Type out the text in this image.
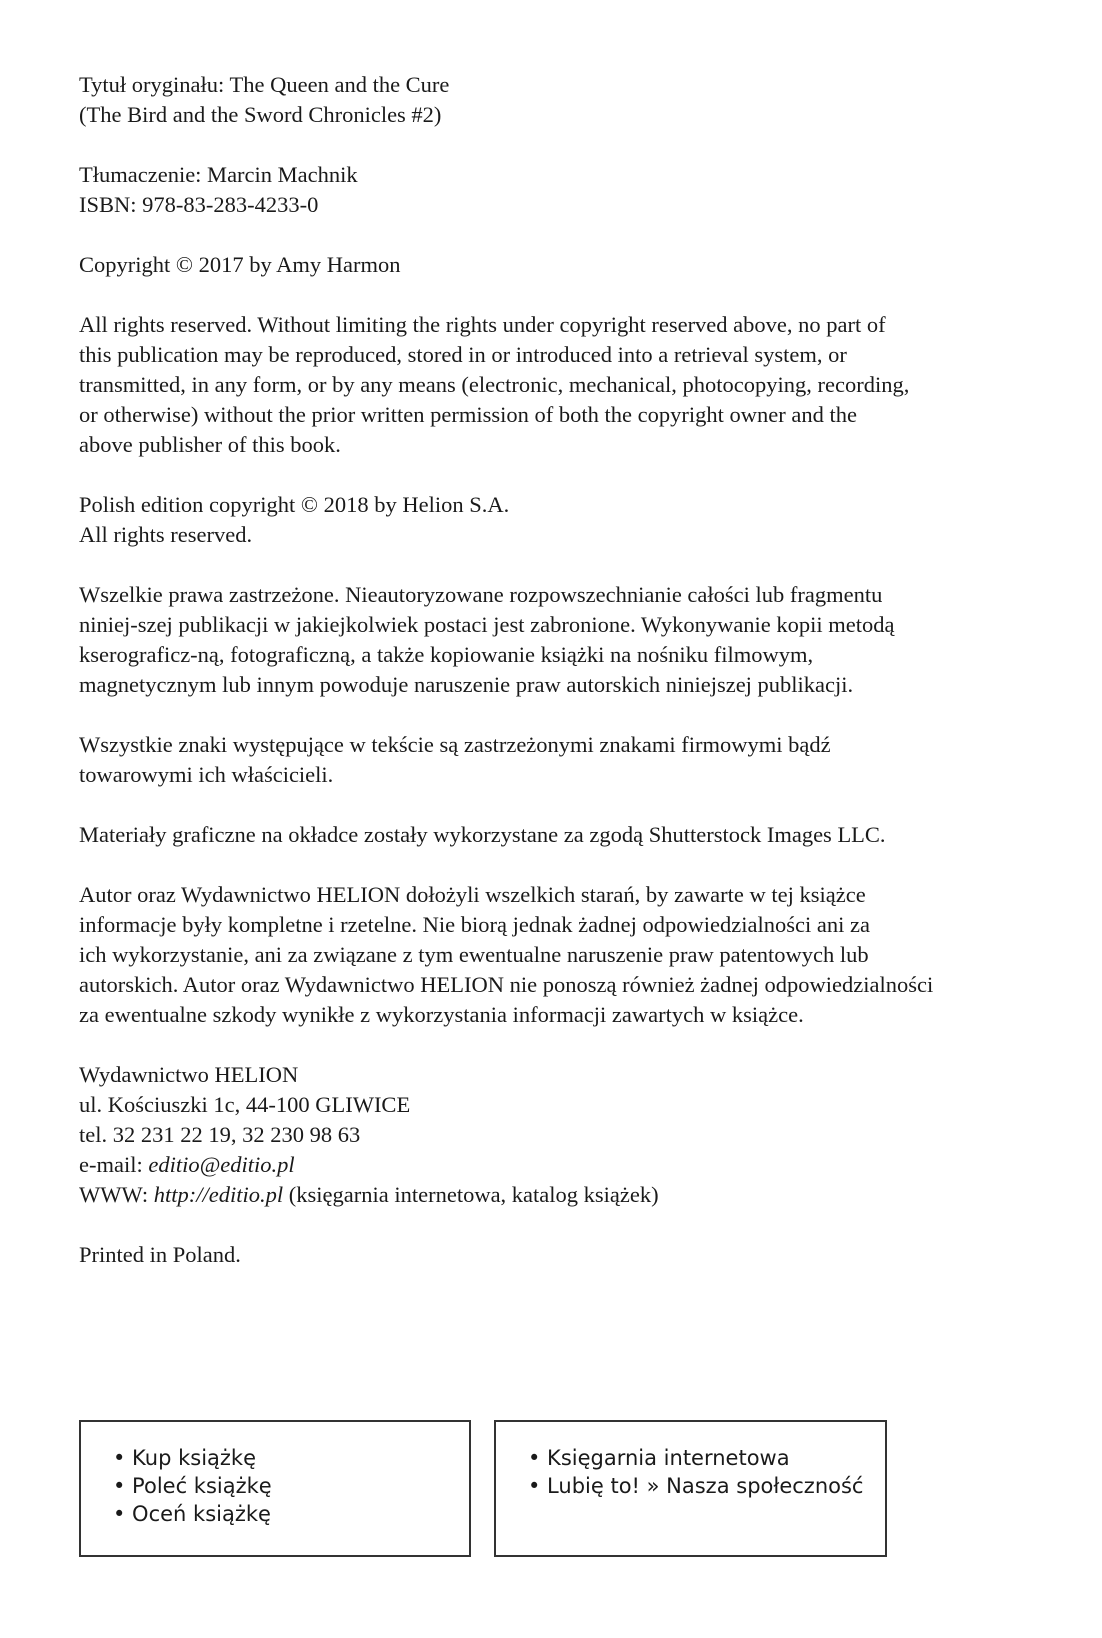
Tytuł oryginału: The Queen and the Cure
(The Bird and the Sword Chronicles #2)

Tłumaczenie: Marcin Machnik
ISBN: 978-83-283-4233-0

Copyright © 2017 by Amy Harmon

All rights reserved. Without limiting the rights under copyright reserved above, no part of
this publication may be reproduced, stored in or introduced into a retrieval system, or
transmitted, in any form, or by any means (electronic, mechanical, photocopying, recording,
or otherwise) without the prior written permission of both the copyright owner and the
above publisher of this book.

Polish edition copyright © 2018 by Helion S.A.
All rights reserved.

Wszelkie prawa zastrzeżone. Nieautoryzowane rozpowszechnianie całości lub fragmentu
niniej-szej publikacji w jakiejkolwiek postaci jest zabronione. Wykonywanie kopii metodą
kserograficz-ną, fotograficzną, a także kopiowanie książki na nośniku filmowym,
magnetycznym lub innym powoduje naruszenie praw autorskich niniejszej publikacji.

Wszystkie znaki występujące w tekście są zastrzeżonymi znakami firmowymi bądź
towarowymi ich właścicieli.

Materiały graficzne na okładce zostały wykorzystane za zgodą Shutterstock Images LLC.

Autor oraz Wydawnictwo HELION dołożyli wszelkich starań, by zawarte w tej książce
informacje były kompletne i rzetelne. Nie biorą jednak żadnej odpowiedzialności ani za
ich wykorzystanie, ani za związane z tym ewentualne naruszenie praw patentowych lub
autorskich. Autor oraz Wydawnictwo HELION nie ponoszą również żadnej odpowiedzialności
za ewentualne szkody wynikłe z wykorzystania informacji zawartych w książce.

Wydawnictwo HELION
ul. Kościuszki 1c, 44-100 GLIWICE
tel. 32 231 22 19, 32 230 98 63
e-mail: editio@editio.pl
WWW: http://editio.pl (księgarnia internetowa, katalog książek)

Printed in Poland.

• Kup książkę
• Poleć książkę
• Oceń książkę
• Księgarnia internetowa
• Lubię to! » Nasza społeczność
